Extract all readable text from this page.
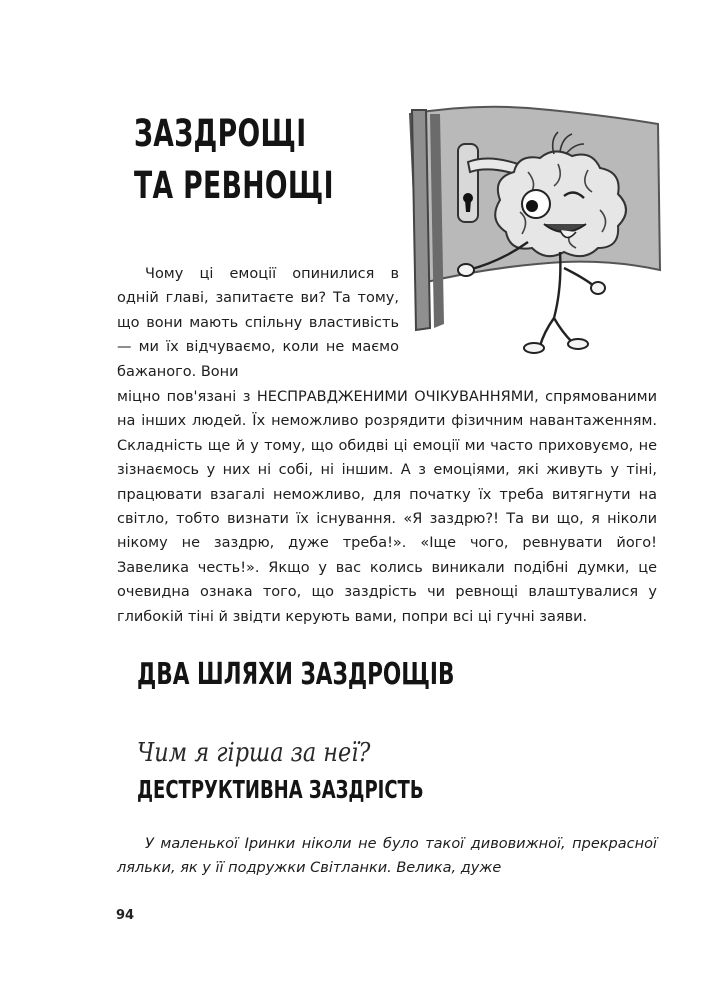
ЗАЗДРОЩІ
ТА РЕВНОЩІ

Чому ці емоції опинилися в одній главі, запитаєте ви? Та тому, що вони мають спільну властивість — ми їх відчуваємо, коли не маємо бажаного. Вони

міцно пов'язані з НЕСПРАВДЖЕНИМИ ОЧІКУВАННЯМИ, спрямованими на інших людей. Їх неможливо розрядити фізичним навантаженням. Складність ще й у тому, що обидві ці емоції ми часто приховуємо, не зізнаємось у них ні собі, ні іншим. А з емоціями, які живуть у тіні, працювати взагалі неможливо, для початку їх треба витягнути на світло, тобто визнати їх існування. «Я заздрю?! Та ви що, я ніколи нікому не заздрю, дуже треба!». «Іще чого, ревнувати його! Завелика честь!». Якщо у вас колись виникали подібні думки, це очевидна ознака того, що заздрість чи ревнощі влаштувалися у глибокій тіні й звідти керують вами, попри всі ці гучні заяви.

ДВА ШЛЯХИ ЗАЗДРОЩІВ

Чим я гірша за неї?

ДЕСТРУКТИВНА ЗАЗДРІСТЬ

У маленької Іринки ніколи не було такої дивовижної, прекрасної ляльки, як у її подружки Світланки. Велика, дуже

94
